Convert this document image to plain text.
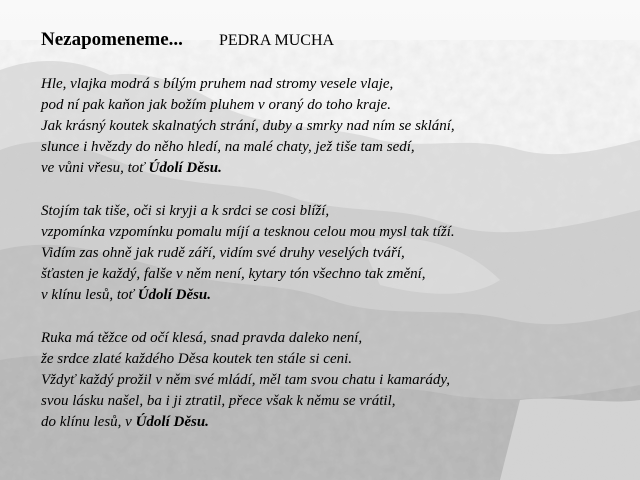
Nezapomeneme... PEDRA MUCHA
Hle, vlajka modrá s bílým pruhem nad stromy vesele vlaje,
pod ní pak kaňon jak božím pluhem v oraný do toho kraje.
Jak krásný koutek skalnatých strání, duby a smrky nad ním se sklání,
slunce i hvězdy do něho hledí, na malé chaty, jež tiše tam sedí,
ve vůni vřesu, toť Údolí Děsu.
Stojím tak tiše, oči si kryji a k srdci se cosi blíží,
vzpomínka vzpomínku pomalu míjí a tesknou celou mou mysl tak tíží.
Vidím zas ohně jak rudě září, vidím své druhy veselých tváří,
šťasten je každý, falše v něm není, kytary tón všechno tak změní,
v klínu lesů, toť Údolí Děsu.
Ruka má těžce od očí klesá, snad pravda daleko není,
že srdce zlaté každého Děsa koutek ten stále si ceni.
Vždyť každý prožil v něm své mládí, měl tam svou chatu i kamarády,
svou lásku našel, ba i ji ztratil, přece však k němu se vrátil,
do klínu lesů, v Údolí Děsu.
